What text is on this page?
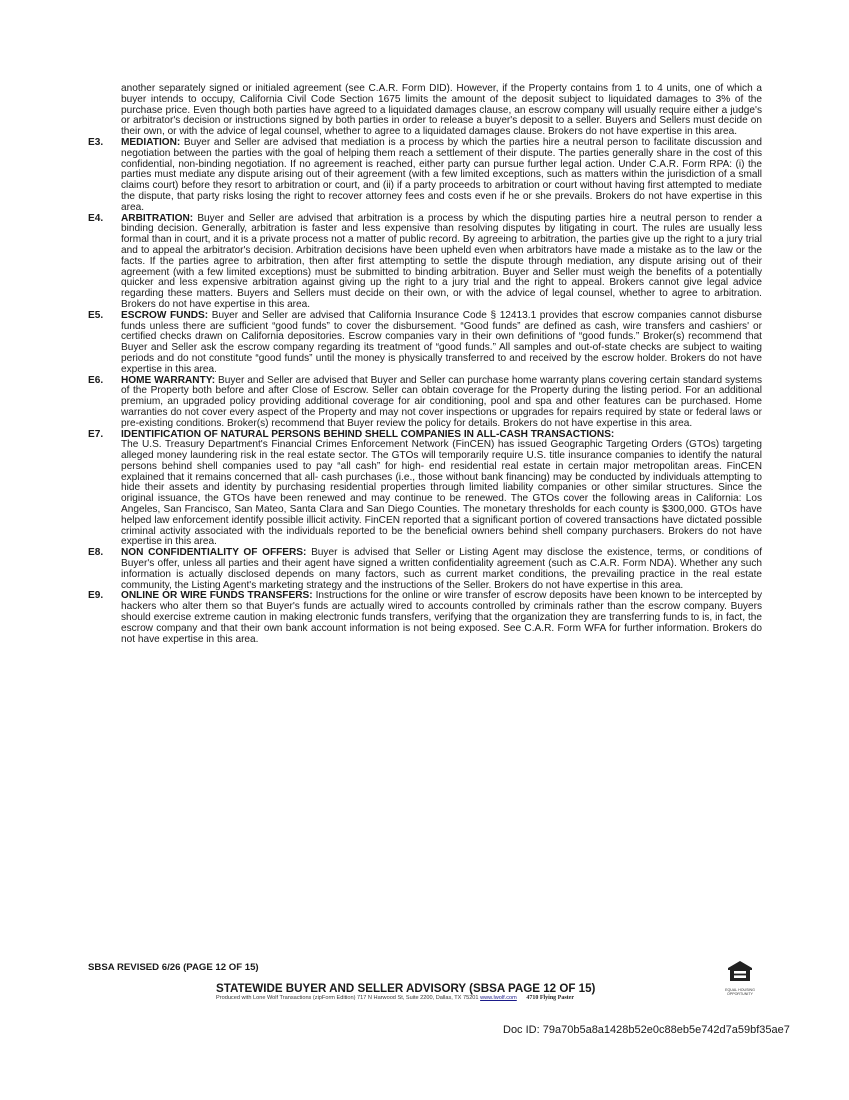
another separately signed or initialed agreement (see C.A.R. Form DID). However, if the Property contains from 1 to 4 units, one of which a buyer intends to occupy, California Civil Code Section 1675 limits the amount of the deposit subject to liquidated damages to 3% of the purchase price. Even though both parties have agreed to a liquidated damages clause, an escrow company will usually require either a judge's or arbitrator's decision or instructions signed by both parties in order to release a buyer's deposit to a seller. Buyers and Sellers must decide on their own, or with the advice of legal counsel, whether to agree to a liquidated damages clause. Brokers do not have expertise in this area.
E3. MEDIATION: Buyer and Seller are advised that mediation is a process by which the parties hire a neutral person to facilitate discussion and negotiation between the parties with the goal of helping them reach a settlement of their dispute. The parties generally share in the cost of this confidential, non-binding negotiation. If no agreement is reached, either party can pursue further legal action. Under C.A.R. Form RPA: (i) the parties must mediate any dispute arising out of their agreement (with a few limited exceptions, such as matters within the jurisdiction of a small claims court) before they resort to arbitration or court, and (ii) if a party proceeds to arbitration or court without having first attempted to mediate the dispute, that party risks losing the right to recover attorney fees and costs even if he or she prevails. Brokers do not have expertise in this area.
E4. ARBITRATION: Buyer and Seller are advised that arbitration is a process by which the disputing parties hire a neutral person to render a binding decision. Generally, arbitration is faster and less expensive than resolving disputes by litigating in court. The rules are usually less formal than in court, and it is a private process not a matter of public record. By agreeing to arbitration, the parties give up the right to a jury trial and to appeal the arbitrator's decision. Arbitration decisions have been upheld even when arbitrators have made a mistake as to the law or the facts. If the parties agree to arbitration, then after first attempting to settle the dispute through mediation, any dispute arising out of their agreement (with a few limited exceptions) must be submitted to binding arbitration. Buyer and Seller must weigh the benefits of a potentially quicker and less expensive arbitration against giving up the right to a jury trial and the right to appeal. Brokers cannot give legal advice regarding these matters. Buyers and Sellers must decide on their own, or with the advice of legal counsel, whether to agree to arbitration. Brokers do not have expertise in this area.
E5. ESCROW FUNDS: Buyer and Seller are advised that California Insurance Code § 12413.1 provides that escrow companies cannot disburse funds unless there are sufficient “good funds” to cover the disbursement. “Good funds” are defined as cash, wire transfers and cashiers' or certified checks drawn on California depositories. Escrow companies vary in their own definitions of “good funds.” Broker(s) recommend that Buyer and Seller ask the escrow company regarding its treatment of “good funds.” All samples and out-of-state checks are subject to waiting periods and do not constitute “good funds” until the money is physically transferred to and received by the escrow holder. Brokers do not have expertise in this area.
E6. HOME WARRANTY: Buyer and Seller are advised that Buyer and Seller can purchase home warranty plans covering certain standard systems of the Property both before and after Close of Escrow. Seller can obtain coverage for the Property during the listing period. For an additional premium, an upgraded policy providing additional coverage for air conditioning, pool and spa and other features can be purchased. Home warranties do not cover every aspect of the Property and may not cover inspections or upgrades for repairs required by state or federal laws or pre-existing conditions. Broker(s) recommend that Buyer review the policy for details. Brokers do not have expertise in this area.
E7. IDENTIFICATION OF NATURAL PERSONS BEHIND SHELL COMPANIES IN ALL-CASH TRANSACTIONS:
The U.S. Treasury Department's Financial Crimes Enforcement Network (FinCEN) has issued Geographic Targeting Orders (GTOs) targeting alleged money laundering risk in the real estate sector. The GTOs will temporarily require U.S. title insurance companies to identify the natural persons behind shell companies used to pay “all cash” for high- end residential real estate in certain major metropolitan areas. FinCEN explained that it remains concerned that all- cash purchases (i.e., those without bank financing) may be conducted by individuals attempting to hide their assets and identity by purchasing residential properties through limited liability companies or other similar structures. Since the original issuance, the GTOs have been renewed and may continue to be renewed. The GTOs cover the following areas in California: Los Angeles, San Francisco, San Mateo, Santa Clara and San Diego Counties. The monetary thresholds for each county is $300,000. GTOs have helped law enforcement identify possible illicit activity. FinCEN reported that a significant portion of covered transactions have dictated possible criminal activity associated with the individuals reported to be the beneficial owners behind shell company purchasers. Brokers do not have expertise in this area.
E8. NON CONFIDENTIALITY OF OFFERS: Buyer is advised that Seller or Listing Agent may disclose the existence, terms, or conditions of Buyer's offer, unless all parties and their agent have signed a written confidentiality agreement (such as C.A.R. Form NDA). Whether any such information is actually disclosed depends on many factors, such as current market conditions, the prevailing practice in the real estate community, the Listing Agent's marketing strategy and the instructions of the Seller. Brokers do not have expertise in this area.
E9. ONLINE OR WIRE FUNDS TRANSFERS: Instructions for the online or wire transfer of escrow deposits have been known to be intercepted by hackers who alter them so that Buyer's funds are actually wired to accounts controlled by criminals rather than the escrow company. Buyers should exercise extreme caution in making electronic funds transfers, verifying that the organization they are transferring funds to is, in fact, the escrow company and that their own bank account information is not being exposed. See C.A.R. Form WFA for further information. Brokers do not have expertise in this area.
SBSA REVISED 6/26 (PAGE 12 OF 15)
STATEWIDE BUYER AND SELLER ADVISORY (SBSA PAGE 12 OF 15)
Produced with Lone Wolf Transactions (zipForm Edition) 717 N Harwood St, Suite 2200, Dallas, TX 75201 www.lwolf.com 4710 Flying Paster
EQUAL HOUSING OPPORTUNITY
Doc ID: 79a70b5a8a1428b52e0c88eb5e742d7a59bf35ae7
